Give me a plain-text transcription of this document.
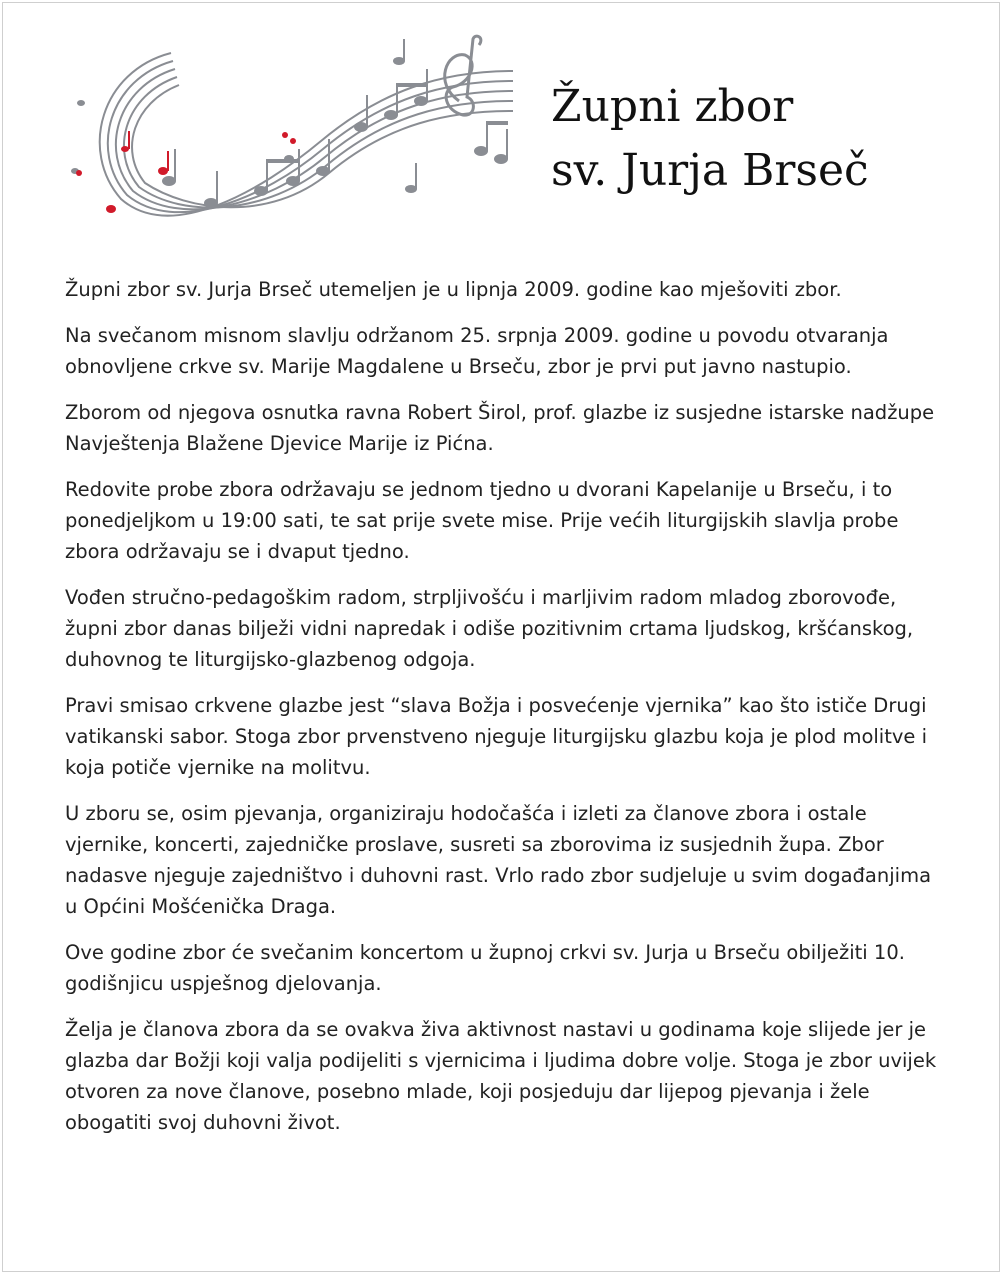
Župni zbor
sv. Jurja Brseč

Župni zbor sv. Jurja Brseč utemeljen je u lipnja 2009. godine kao mješoviti zbor.

Na svečanom misnom slavlju održanom 25. srpnja 2009. godine u povodu otvaranja obnovljene crkve sv. Marije Magdalene u Brseču, zbor je prvi put javno nastupio.

Zborom od njegova osnutka ravna Robert Širol, prof. glazbe iz susjedne istarske nadžupe Navještenja Blažene Djevice Marije iz Pićna.

Redovite probe zbora održavaju se jednom tjedno u dvorani Kapelanije u Brseču, i to ponedjeljkom u 19:00 sati, te sat prije svete mise. Prije većih liturgijskih slavlja probe zbora održavaju se i dvaput tjedno.

Vođen stručno-pedagoškim radom, strpljivošću i marljivim radom mladog zborovođe, župni zbor danas bilježi vidni napredak i odiše pozitivnim crtama ljudskog, kršćanskog, duhovnog te liturgijsko-glazbenog odgoja.

Pravi smisao crkvene glazbe jest “slava Božja i posvećenje vjernika” kao što ističe Drugi vatikanski sabor. Stoga zbor prvenstveno njeguje liturgijsku glazbu koja je plod molitve i koja potiče vjernike na molitvu.

U zboru se, osim pjevanja, organiziraju hodočašća i izleti za članove zbora i ostale vjernike, koncerti, zajedničke proslave, susreti sa zborovima iz susjednih župa. Zbor nadasve njeguje zajedništvo i duhovni rast. Vrlo rado zbor sudjeluje u svim događanjima u Općini Mošćenička Draga.

Ove godine zbor će svečanim koncertom u župnoj crkvi sv. Jurja u Brseču obilježiti 10. godišnjicu uspješnog djelovanja.

Želja je članova zbora da se ovakva živa aktivnost nastavi u godinama koje slijede jer je glazba dar Božji koji valja podijeliti s vjernicima i ljudima dobre volje. Stoga je zbor uvijek otvoren za nove članove, posebno mlade, koji posjeduju dar lijepog pjevanja i žele obogatiti svoj duhovni život.
